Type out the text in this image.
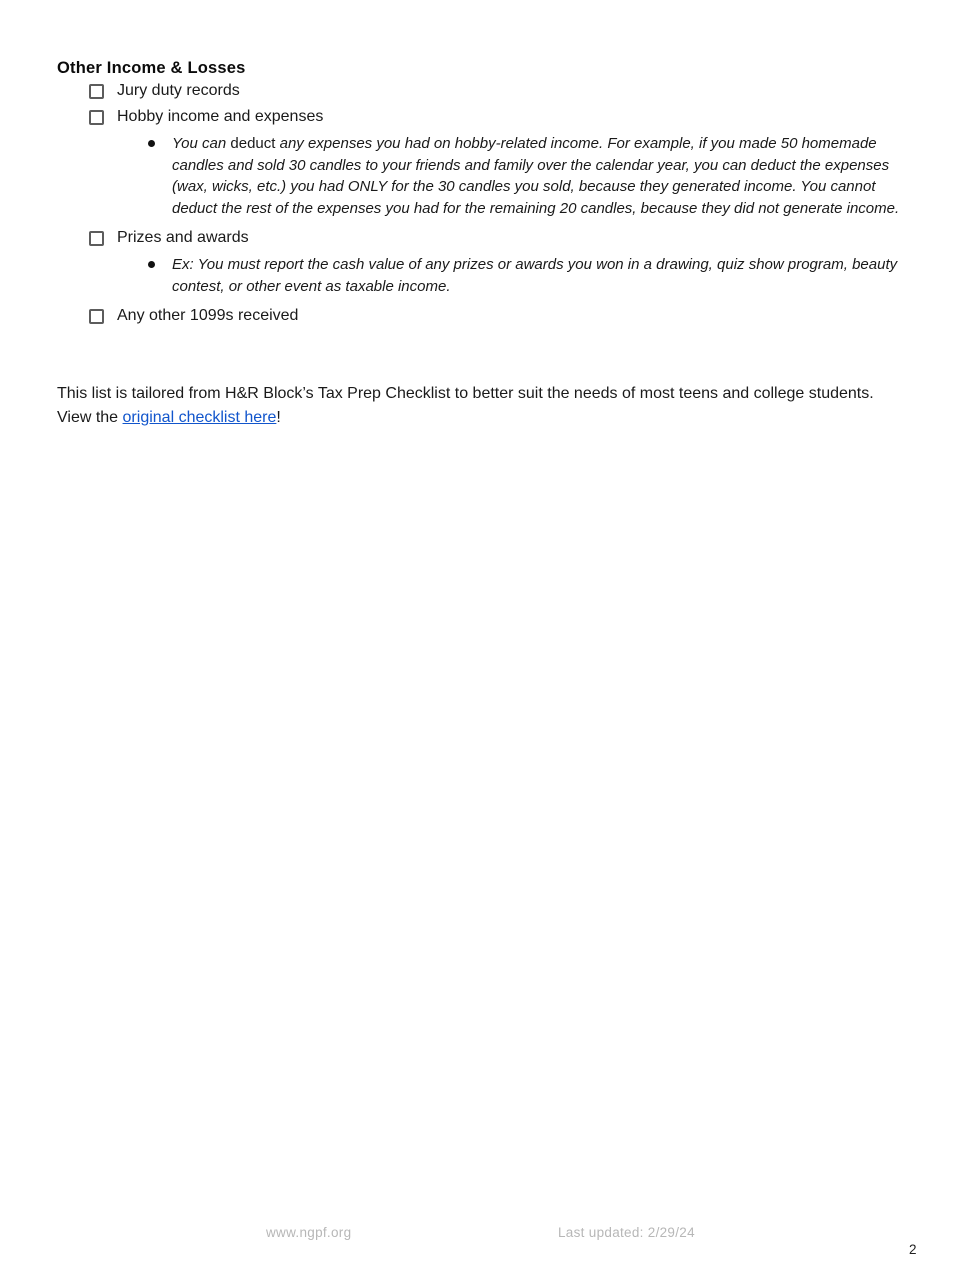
Other Income & Losses
Jury duty records
Hobby income and expenses
You can deduct any expenses you had on hobby-related income. For example, if you made 50 homemade candles and sold 30 candles to your friends and family over the calendar year, you can deduct the expenses (wax, wicks, etc.) you had ONLY for the 30 candles you sold, because they generated income. You cannot deduct the rest of the expenses you had for the remaining 20 candles, because they did not generate income.
Prizes and awards
Ex: You must report the cash value of any prizes or awards you won in a drawing, quiz show program, beauty contest, or other event as taxable income.
Any other 1099s received

This list is tailored from H&R Block’s Tax Prep Checklist to better suit the needs of most teens and college students. View the original checklist here!

www.ngpf.org	Last updated: 2/29/24
2
